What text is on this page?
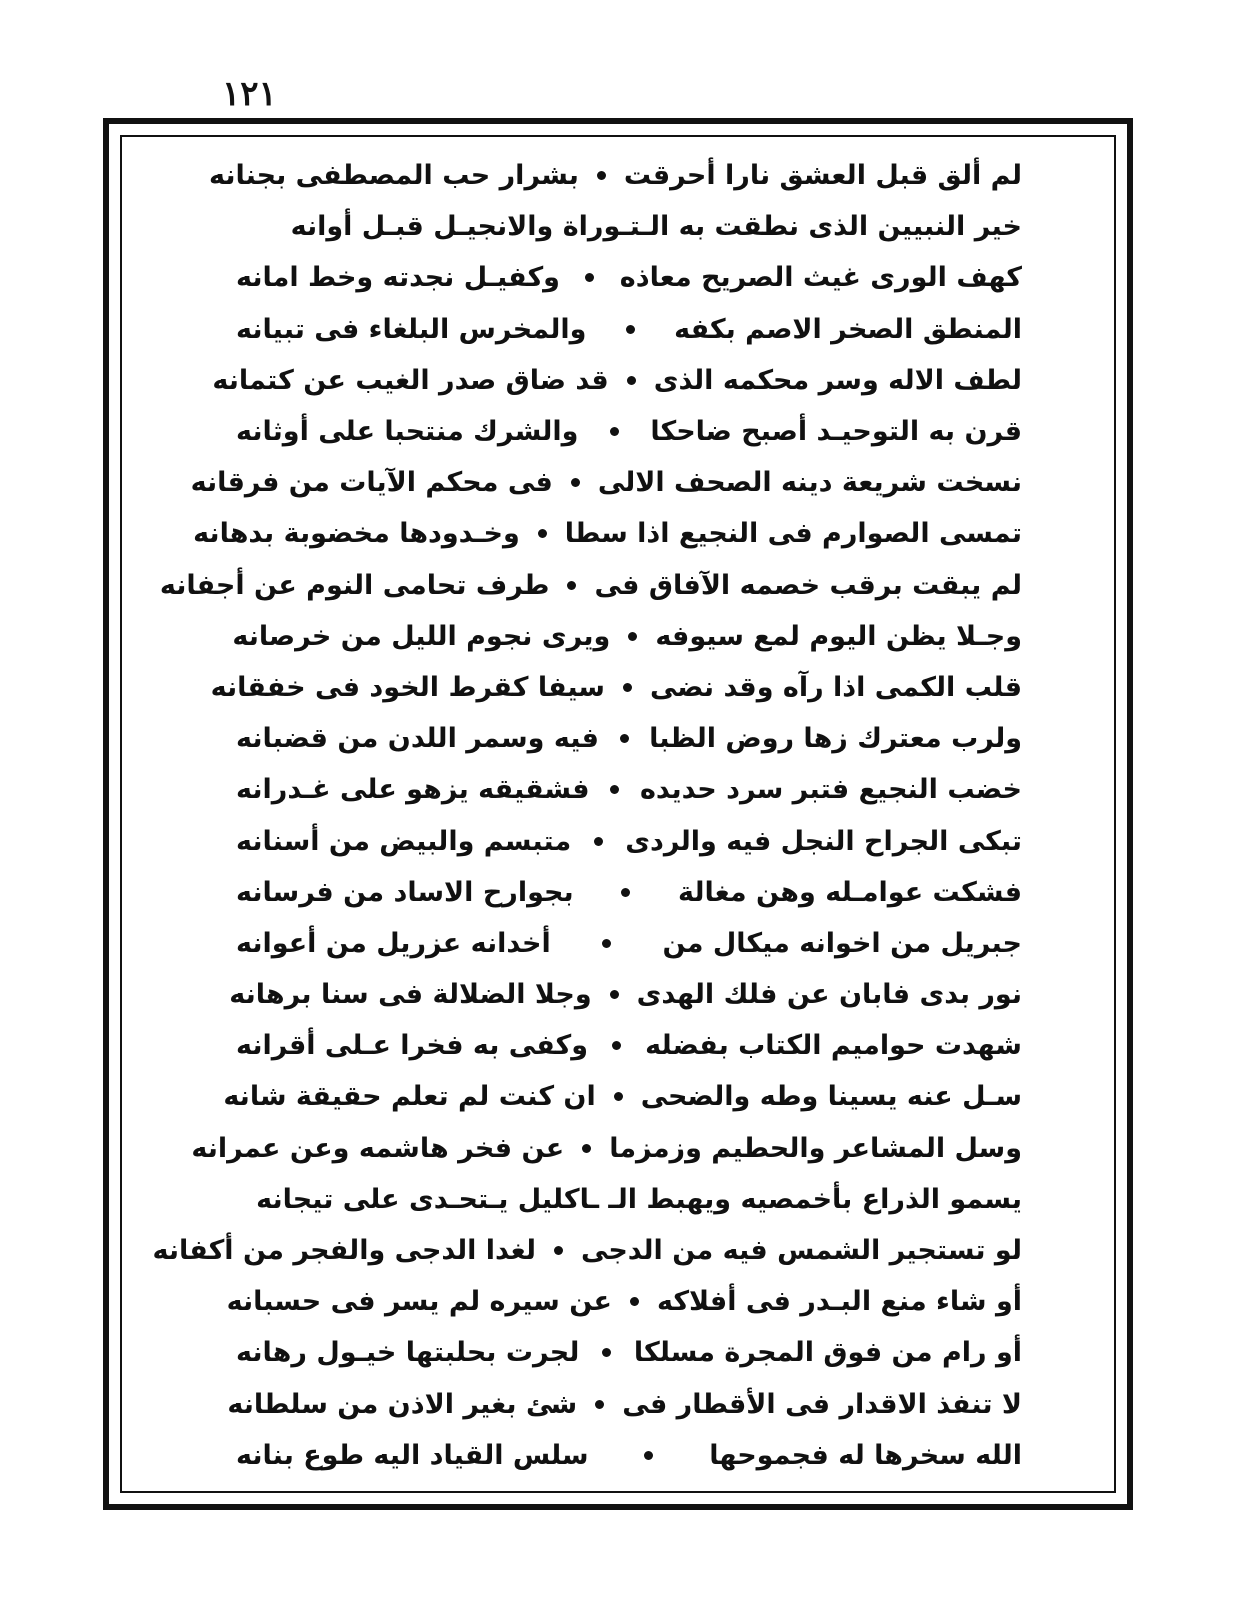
١٢١
لم ألق قبل العشق نارا أحرقت
بشرار حب المصطفى بجنانه
خير النبيين الذى نطقت به الـتـوراة والانجيـل قبـل أوانه
كهف الورى غيث الصريح معاذه
وكفيـل نجدته وخط امانه
المنطق الصخر الاصم بكفه
والمخرس البلغاء فى تبيانه
لطف الاله وسر محكمه الذى
قد ضاق صدر الغيب عن كتمانه
قرن به التوحيـد أصبح ضاحكا
والشرك منتحبا على أوثانه
نسخت شريعة دينه الصحف الالى
فى محكم الآيات من فرقانه
تمسى الصوارم فى النجيع اذا سطا
وخـدودها مخضوبة بدهانه
لم يبقت برقب خصمه الآفاق فى
طرف تحامى النوم عن أجفانه
وجـلا يظن اليوم لمع سيوفه
ويرى نجوم الليل من خرصانه
قلب الكمى اذا رآه وقد نضى
سيفا كقرط الخود فى خفقانه
ولرب معترك زها روض الظبا
فيه وسمر اللدن من قضبانه
خضب النجيع فتبر سرد حديده
فشقيقه يزهو على غـدرانه
تبكى الجراح النجل فيه والردى
متبسم والبيض من أسنانه
فشكت عوامـله وهن مغالة
بجوارح الاساد من فرسانه
جبريل من اخوانه ميكال من
أخدانه عزريل من أعوانه
نور بدى فابان عن فلك الهدى
وجلا الضلالة فى سنا برهانه
شهدت حواميم الكتاب بفضله
وكفى به فخرا عـلى أقرانه
سـل عنه يسينا وطه والضحى
ان كنت لم تعلم حقيقة شانه
وسل المشاعر والحطيم وزمزما
عن فخر هاشمه وعن عمرانه
يسمو الذراع بأخمصيه ويهبط الـ ـاكليل يـتحـدى على تيجانه
لو تستجير الشمس فيه من الدجى
لغدا الدجى والفجر من أكفانه
أو شاء منع البـدر فى أفلاكه
عن سيره لم يسر فى حسبانه
أو رام من فوق المجرة مسلكا
لجرت بحلبتها خيـول رهانه
لا تنفذ الاقدار فى الأقطار فى
شئ بغير الاذن من سلطانه
الله سخرها له فجموحها
سلس القياد اليه طوع بنانه
